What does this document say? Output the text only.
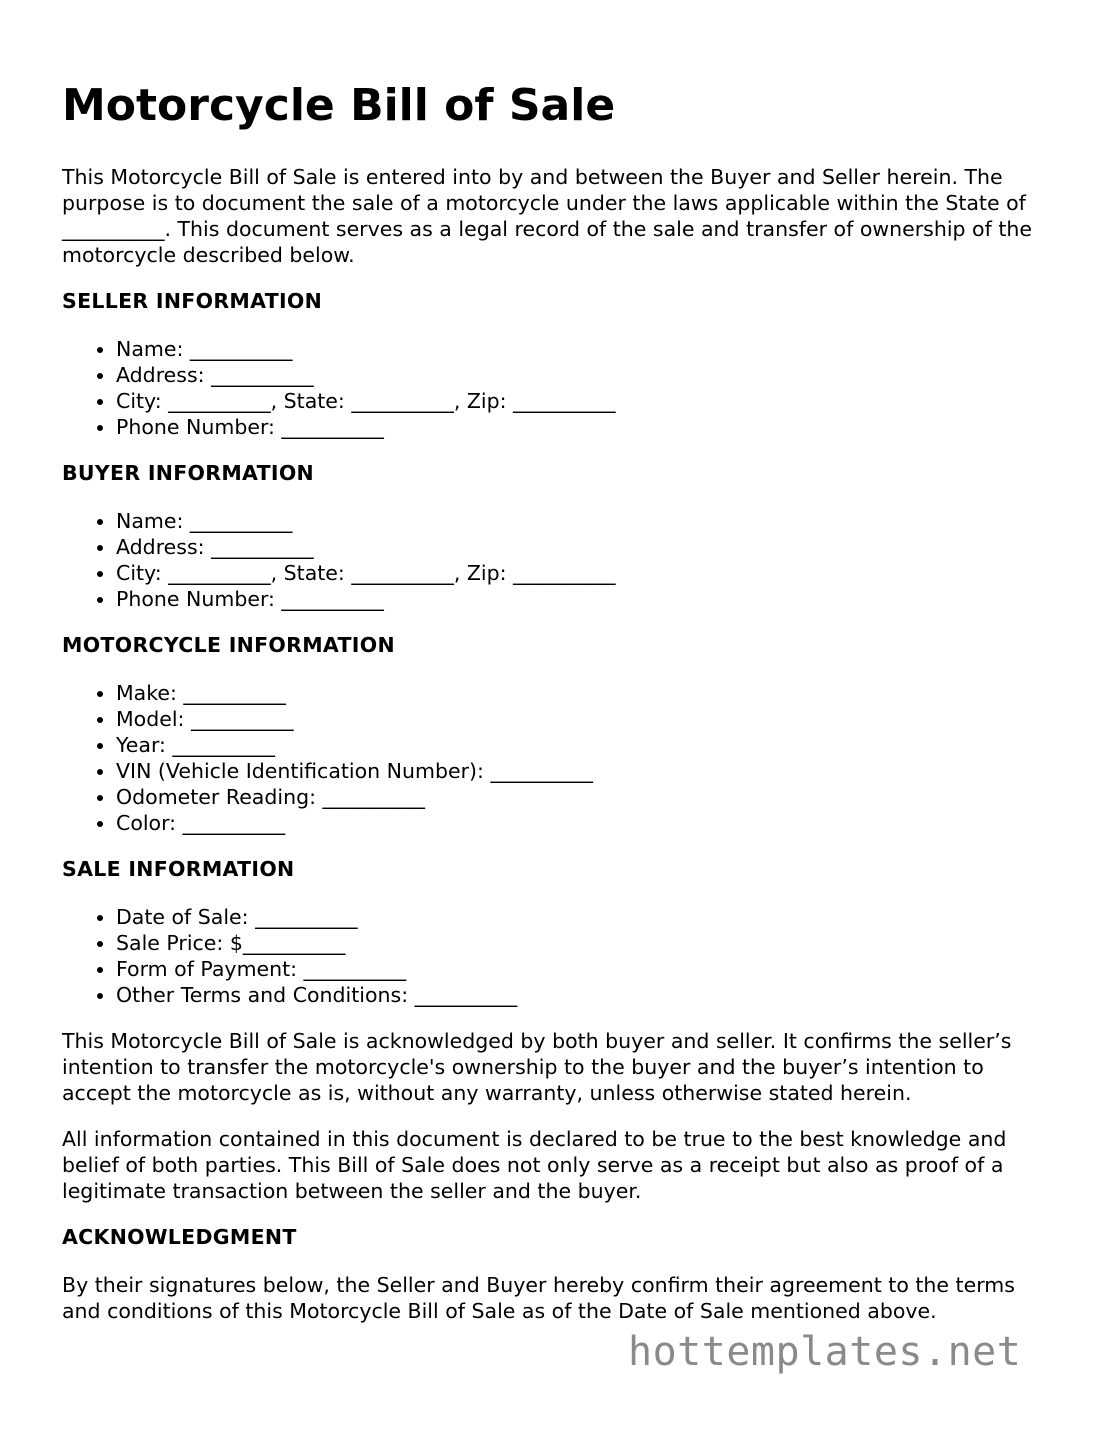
Motorcycle Bill of Sale

This Motorcycle Bill of Sale is entered into by and between the Buyer and Seller herein. The purpose is to document the sale of a motorcycle under the laws applicable within the State of __________. This document serves as a legal record of the sale and transfer of ownership of the motorcycle described below.

SELLER INFORMATION
• Name: __________
• Address: __________
• City: __________, State: __________, Zip: __________
• Phone Number: __________
BUYER INFORMATION
• Name: __________
• Address: __________
• City: __________, State: __________, Zip: __________
• Phone Number: __________
MOTORCYCLE INFORMATION
• Make: __________
• Model: __________
• Year: __________
• VIN (Vehicle Identification Number): __________
• Odometer Reading: __________
• Color: __________
SALE INFORMATION
• Date of Sale: __________
• Sale Price: $__________
• Form of Payment: __________
• Other Terms and Conditions: __________

This Motorcycle Bill of Sale is acknowledged by both buyer and seller. It confirms the seller’s intention to transfer the motorcycle's ownership to the buyer and the buyer’s intention to accept the motorcycle as is, without any warranty, unless otherwise stated herein.

All information contained in this document is declared to be true to the best knowledge and belief of both parties. This Bill of Sale does not only serve as a receipt but also as proof of a legitimate transaction between the seller and the buyer.

ACKNOWLEDGMENT

By their signatures below, the Seller and Buyer hereby confirm their agreement to the terms and conditions of this Motorcycle Bill of Sale as of the Date of Sale mentioned above.

hottemplates.net
